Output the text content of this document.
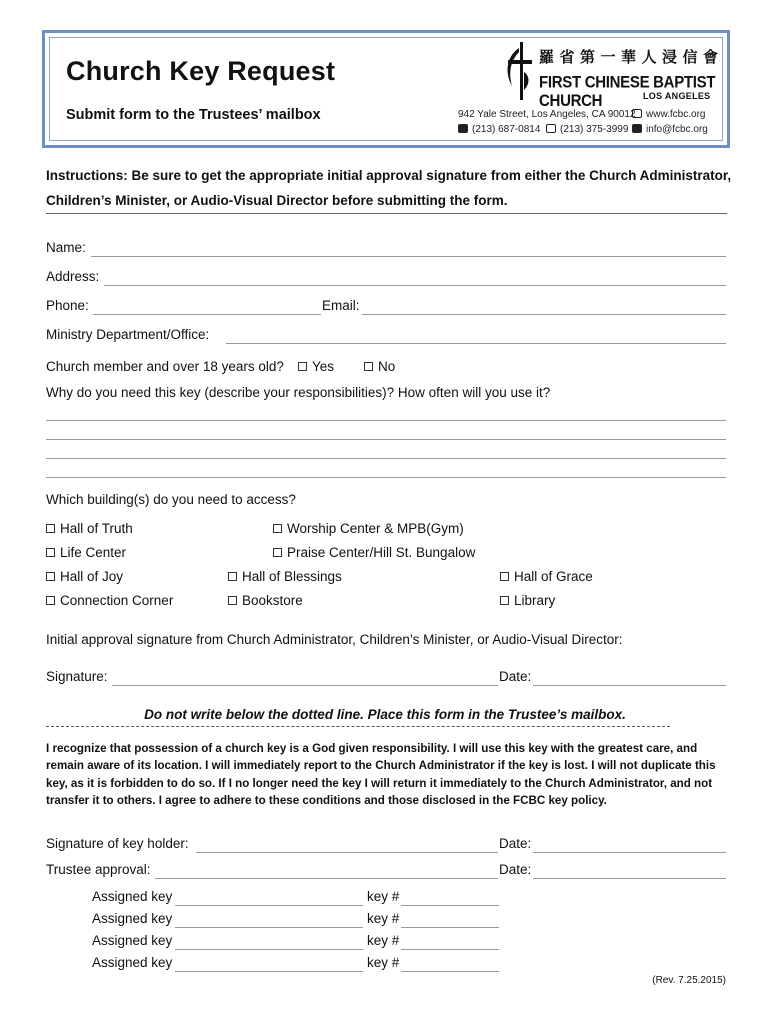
Church Key Request
Submit form to the Trustees’ mailbox
羅省第一華人浸信會
FIRST CHINESE BAPTIST CHURCH	LOS ANGELES
942 Yale Street, Los Angeles, CA 90012
(213) 687-0814	(213) 375-3999
www.fcbc.org
info@fcbc.org
Instructions: Be sure to get the appropriate initial approval signature from either the Church Administrator, Children’s Minister, or Audio-Visual Director before submitting the form.
Name:
Address:
Phone:	Email:
Ministry Department/Office:
Church member and over 18 years old?	Yes	No
Why do you need this key (describe your responsibilities)? How often will you use it?
Which building(s) do you need to access?
Hall of Truth	Worship Center & MPB(Gym)
Life Center	Praise Center/Hill St. Bungalow
Hall of Joy	Hall of Blessings	Hall of Grace
Connection Corner	Bookstore	Library
Initial approval signature from Church Administrator, Children’s Minister, or Audio-Visual Director:
Signature:	Date:
Do not write below the dotted line. Place this form in the Trustee’s mailbox.
I recognize that possession of a church key is a God given responsibility. I will use this key with the greatest care, and remain aware of its location. I will immediately report to the Church Administrator if the key is lost. I will not duplicate this key, as it is forbidden to do so. If I no longer need the key I will return it immediately to the Church Administrator, and not transfer it to others. I agree to adhere to these conditions and those disclosed in the FCBC key policy.
Signature of key holder:	Date:
Trustee approval:	Date:
Assigned key	key #
Assigned key	key #
Assigned key	key #
Assigned key	key #
(Rev. 7.25.2015)
